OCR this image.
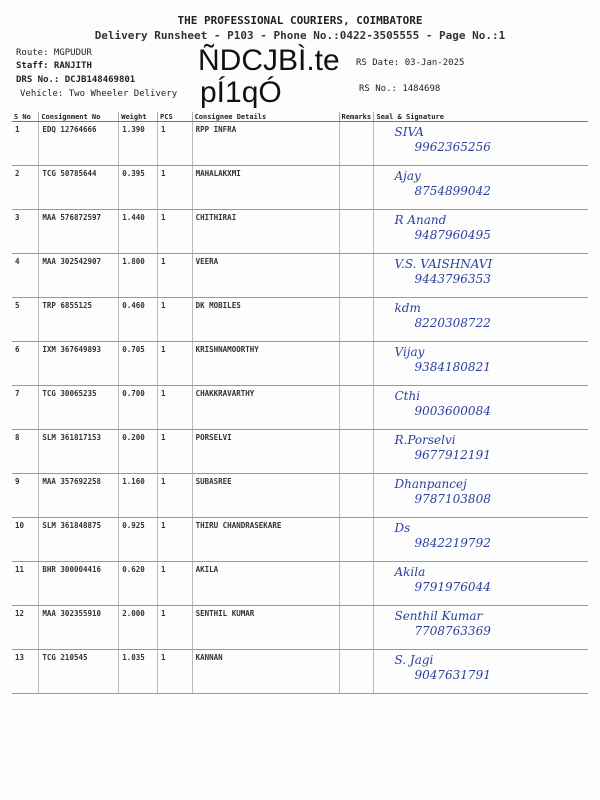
THE PROFESSIONAL COURIERS, COIMBATORE
Delivery Runsheet - P103 - Phone No.:0422-3505555 - Page No.:1
Route: MGPUDUR
Staff: RANJITH
DRS No.: DCJB148469801
Vehicle: Two Wheeler Delivery
RS Date: 03-Jan-2025
RS No.: 1484698
ÑDCJBÌ.te
pÍ1qÓ
S No	Consignment No	Weight	PCS	Consignee Details	Remarks	Seal & Signature
1	EDQ 12764666	1.390	1	RPP INFRA		SIVA
9962365256

2	TCG 50785644	0.395	1	MAHALAKXMI		Ajay
8754899042

3	MAA 576872597	1.440	1	CHITHIRAI		R Anand
9487960495

4	MAA 302542907	1.800	1	VEERA		V.S. VAISHNAVI
9443796353

5	TRP 6855125	0.460	1	DK MOBILES		kdm
8220308722

6	IXM 367649893	0.705	1	KRISHNAMOORTHY		Vijay
9384180821

7	TCG 30065235	0.700	1	CHAKKRAVARTHY		Cthi
9003600084

8	SLM 361817153	0.200	1	PORSELVI		R.Porselvi
9677912191

9	MAA 357692258	1.160	1	SUBASREE		Dhanpancej
9787103808

10	SLM 361848875	0.925	1	THIRU CHANDRASEKARE		Ds
9842219792

11	BHR 300004416	0.620	1	AKILA		Akila
9791976044

12	MAA 302355910	2.000	1	SENTHIL KUMAR		Senthil Kumar
7708763369

13	TCG 210545	1.035	1	KANNAN		S. Jagi
9047631791
